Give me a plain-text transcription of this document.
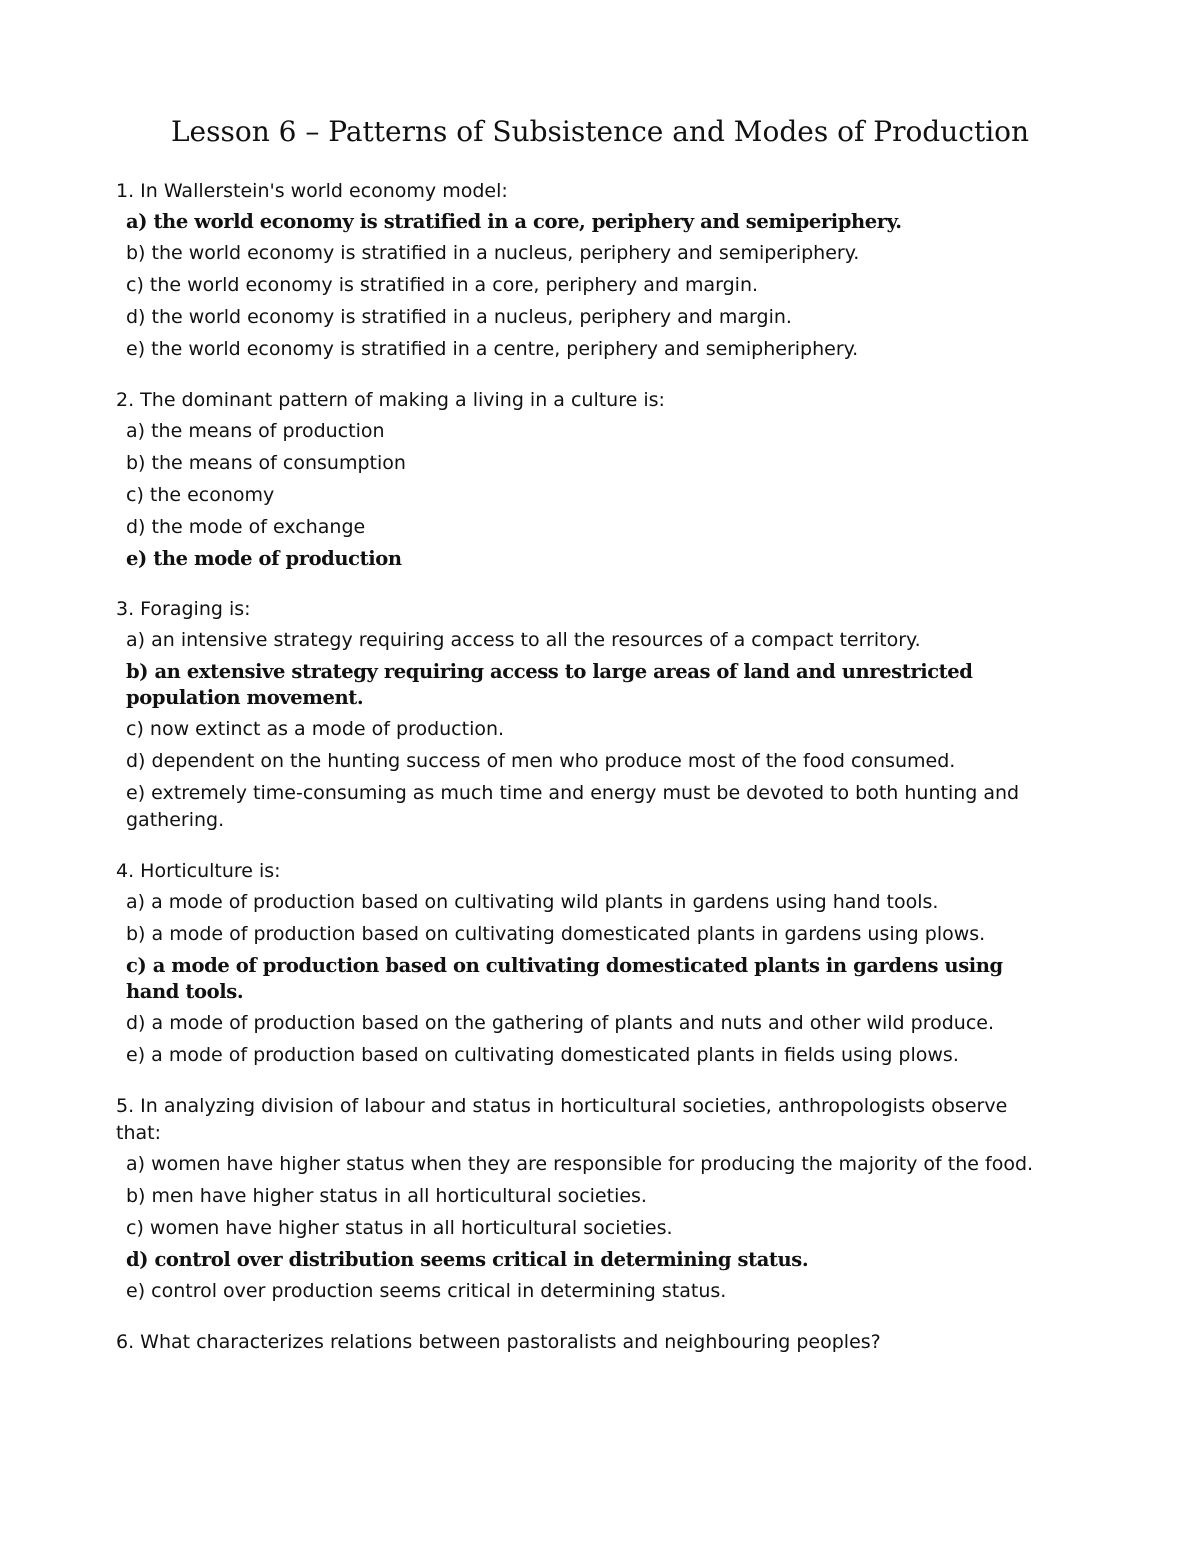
Lesson 6 – Patterns of Subsistence and Modes of Production

1. In Wallerstein's world economy model:

a) the world economy is stratified in a core, periphery and semiperiphery.

b) the world economy is stratified in a nucleus, periphery and semiperiphery.

c) the world economy is stratified in a core, periphery and margin.

d) the world economy is stratified in a nucleus, periphery and margin.

e) the world economy is stratified in a centre, periphery and semipheriphery.

2. The dominant pattern of making a living in a culture is:

a) the means of production

b) the means of consumption

c) the economy

d) the mode of exchange

e) the mode of production

3. Foraging is:

a) an intensive strategy requiring access to all the resources of a compact territory.

b) an extensive strategy requiring access to large areas of land and unrestricted population movement.

c) now extinct as a mode of production.

d) dependent on the hunting success of men who produce most of the food consumed.

e) extremely time-consuming as much time and energy must be devoted to both hunting and gathering.

4. Horticulture is:

a) a mode of production based on cultivating wild plants in gardens using hand tools.

b) a mode of production based on cultivating domesticated plants in gardens using plows.

c) a mode of production based on cultivating domesticated plants in gardens using hand tools.

d) a mode of production based on the gathering of plants and nuts and other wild produce.

e) a mode of production based on cultivating domesticated plants in fields using plows.

5. In analyzing division of labour and status in horticultural societies, anthropologists observe that:

a) women have higher status when they are responsible for producing the majority of the food.

b) men have higher status in all horticultural societies.

c) women have higher status in all horticultural societies.

d) control over distribution seems critical in determining status.

e) control over production seems critical in determining status.

6. What characterizes relations between pastoralists and neighbouring peoples?
